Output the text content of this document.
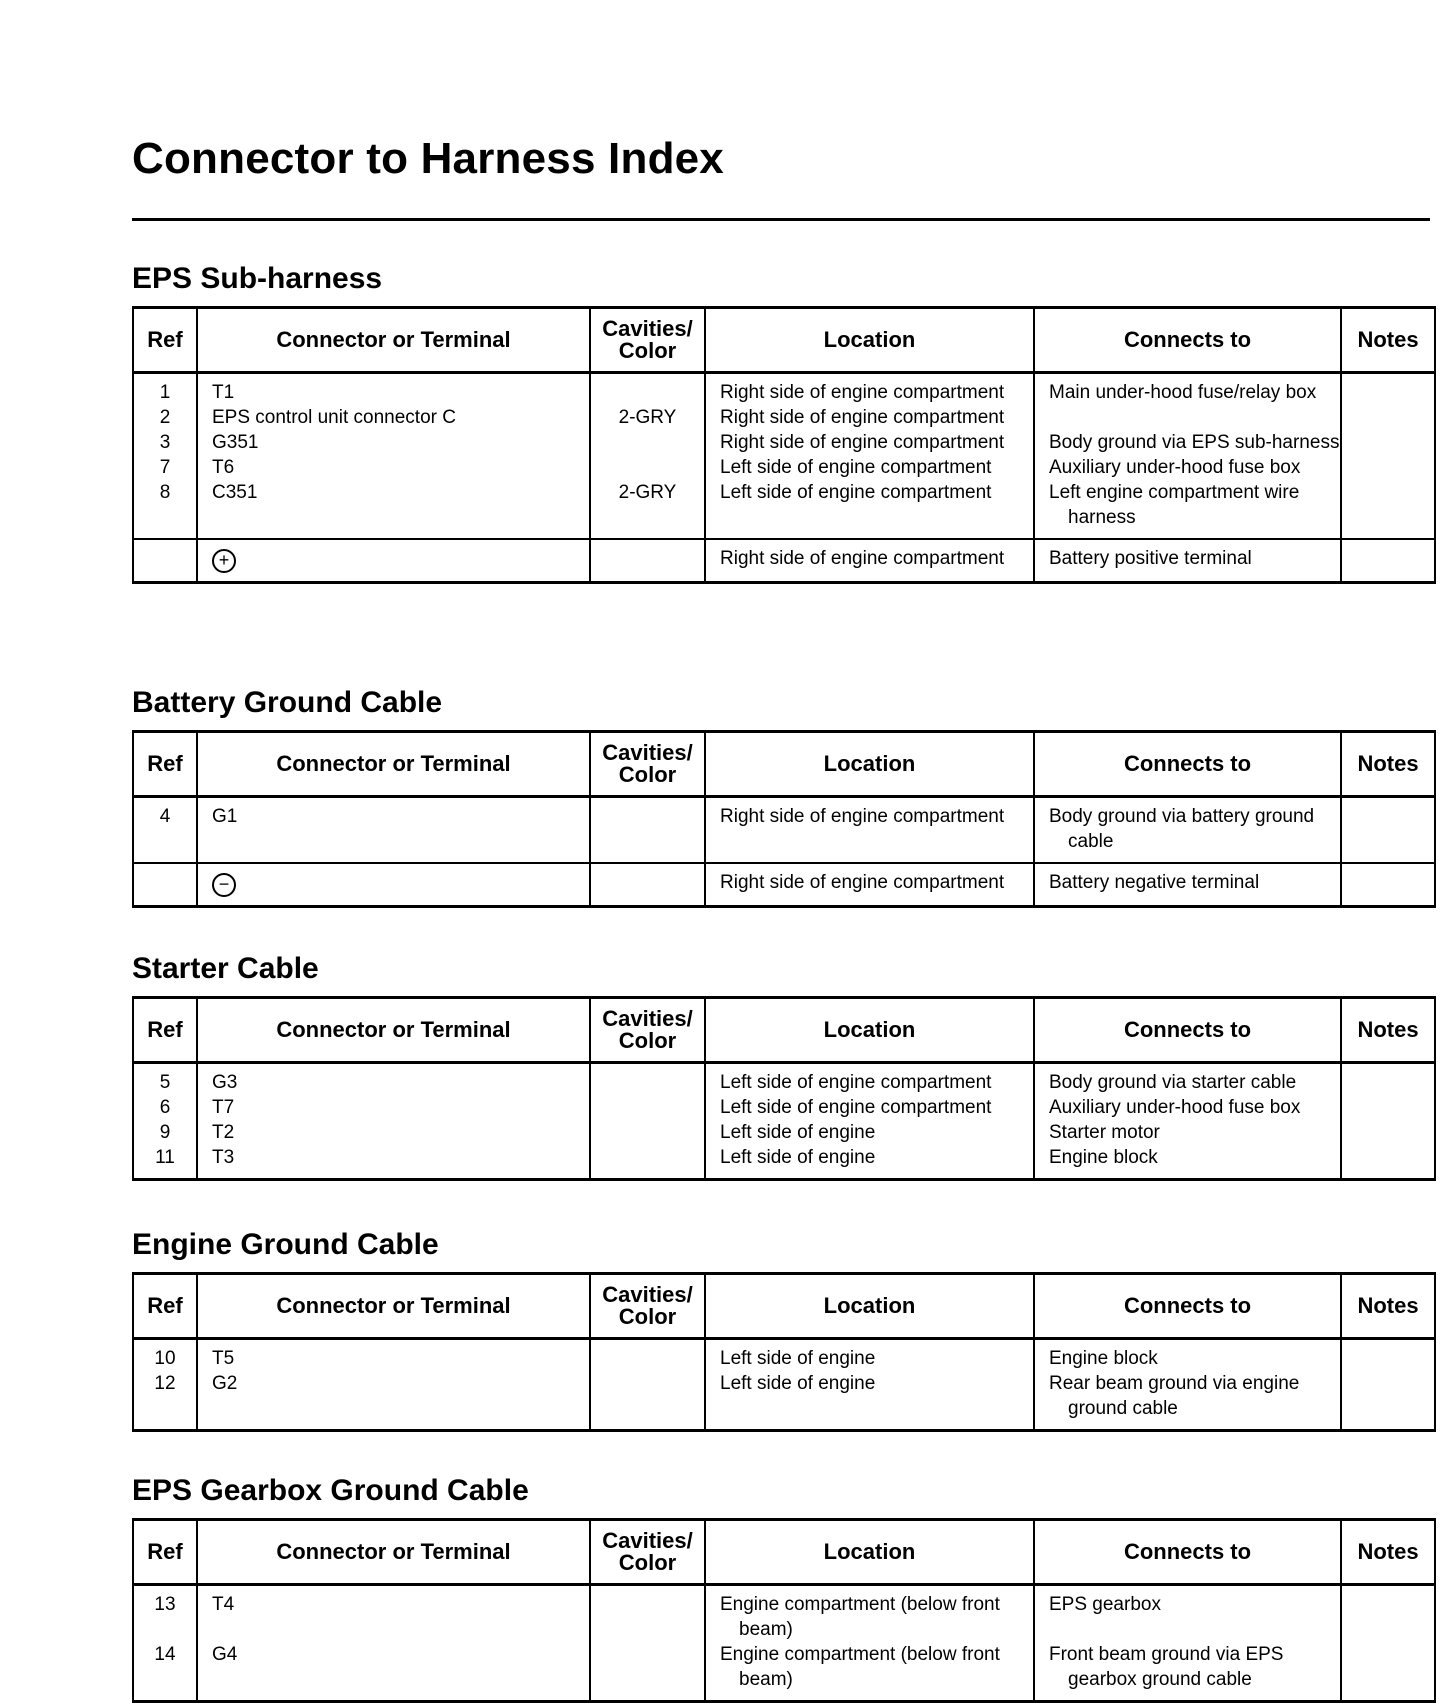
Connector to Harness Index
EPS Sub-harness
Ref	Connector or Terminal	Cavities/
Color	Location	Connects to	Notes
1	T1		Right side of engine compartment	Main under-hood fuse/relay box	

2	EPS control unit connector C	2-GRY	Right side of engine compartment		

3	G351		Right side of engine compartment	Body ground via EPS sub-harness	

7	T6		Left side of engine compartment	Auxiliary under-hood fuse box	

8	C351	2-GRY	Left side of engine compartment	Left engine compartment wire harness	

	+		Right side of engine compartment	Battery positive terminal	

Battery Ground Cable
Ref	Connector or Terminal	Cavities/
Color	Location	Connects to	Notes
4	G1		Right side of engine compartment	Body ground via battery ground cable	

	−		Right side of engine compartment	Battery negative terminal	

Starter Cable
Ref	Connector or Terminal	Cavities/
Color	Location	Connects to	Notes
5	G3		Left side of engine compartment	Body ground via starter cable	

6	T7		Left side of engine compartment	Auxiliary under-hood fuse box	

9	T2		Left side of engine	Starter motor	

11	T3		Left side of engine	Engine block	

Engine Ground Cable
Ref	Connector or Terminal	Cavities/
Color	Location	Connects to	Notes
10	T5		Left side of engine	Engine block	

12	G2		Left side of engine	Rear beam ground via engine ground cable	

EPS Gearbox Ground Cable
Ref	Connector or Terminal	Cavities/
Color	Location	Connects to	Notes
13	T4		Engine compartment (below front beam)	EPS gearbox	

14	G4		Engine compartment (below front beam)	Front beam ground via EPS gearbox ground cable	
